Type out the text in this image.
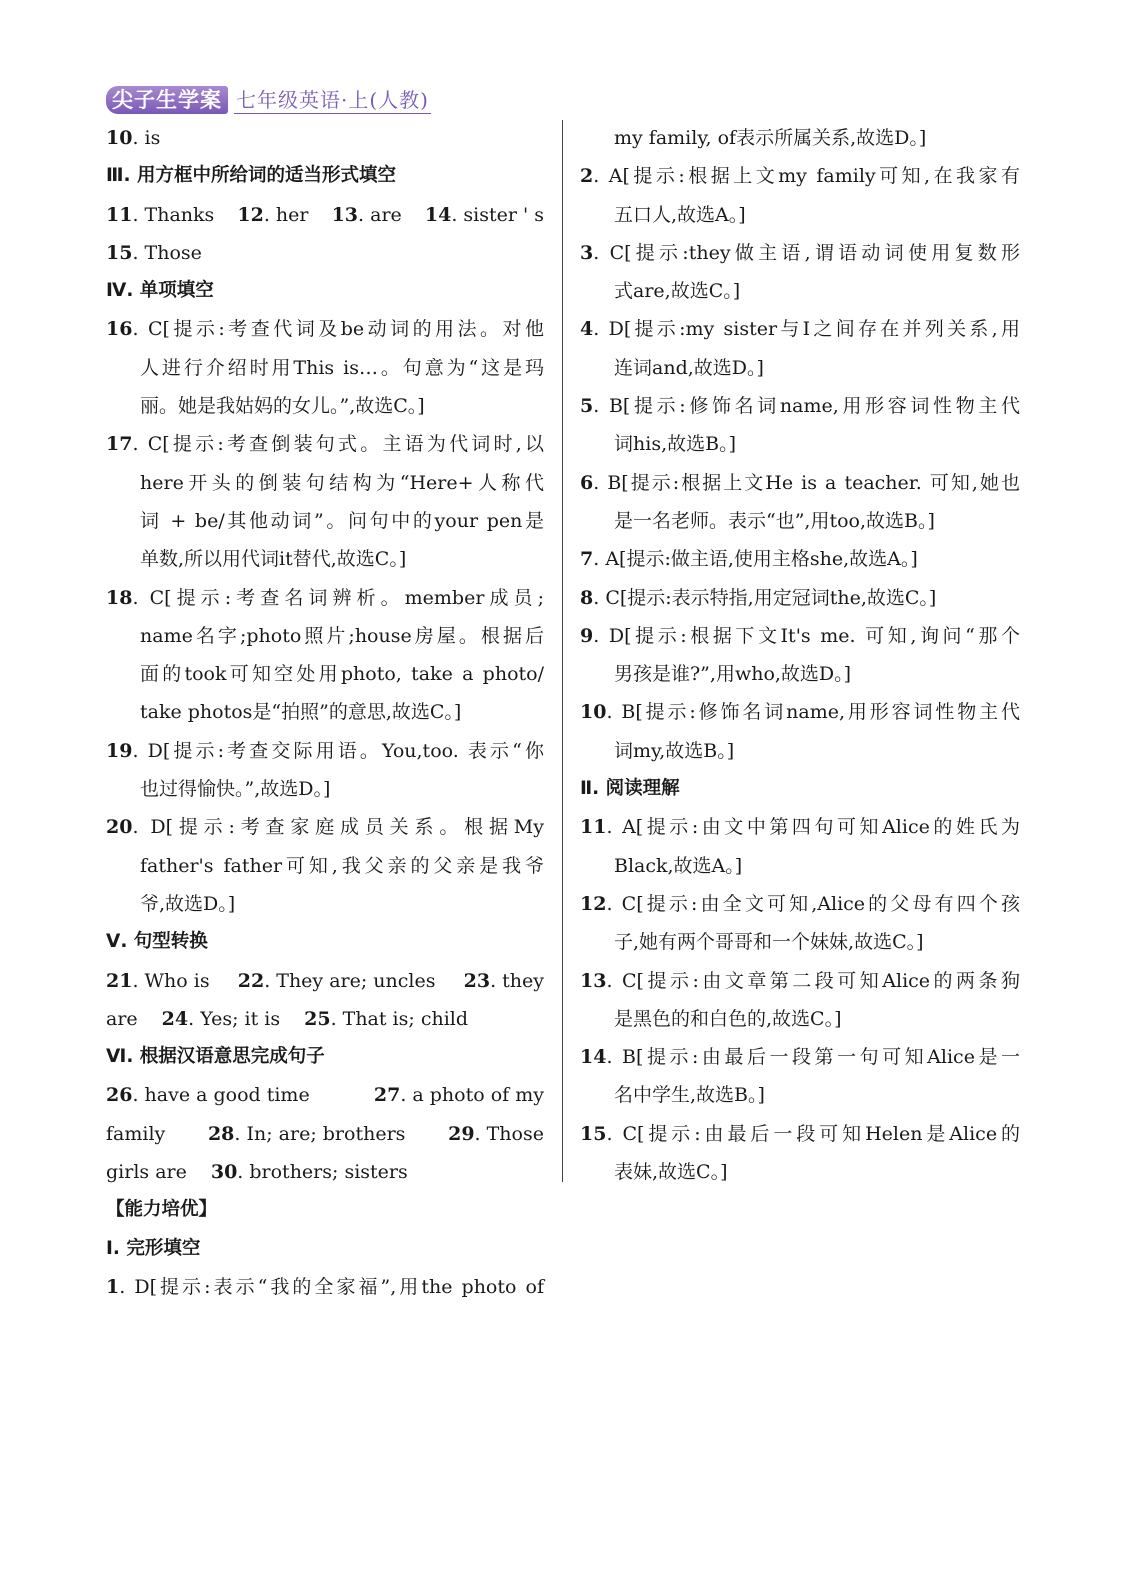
尖子生学案 七年级英语·上(人教)
10. is
Ⅲ. 用方框中所给词的适当形式填空
11. Thanks 12. her 13. are 14. sister ' s
15. Those
Ⅳ. 单项填空
16. C[提示:考查代词及be动词的用法。对他
人进行介绍时用This is…。句意为“这是玛
丽。她是我姑妈的女儿。”,故选C。]
17. C[提示:考查倒装句式。主语为代词时,以
here开头的倒装句结构为“Here+人称代
词 + be/其他动词”。问句中的your pen是
单数,所以用代词it替代,故选C。]
18. C[提示:考查名词辨析。member成员;
name名字;photo照片;house房屋。根据后
面的took可知空处用photo, take a photo/
take photos是“拍照”的意思,故选C。]
19. D[提示:考查交际用语。You,too. 表示“你
也过得愉快。”,故选D。]
20. D[提示:考查家庭成员关系。根据My
father's father可知,我父亲的父亲是我爷
爷,故选D。]
Ⅴ. 句型转换
21. Who is 22. They are; uncles 23. they
are 24. Yes; it is 25. That is; child
Ⅵ. 根据汉语意思完成句子
26. have a good time	27. a photo of my
family 28. In; are; brothers 29. Those
girls are 30. brothers; sisters
【能力培优】
Ⅰ. 完形填空
1. D[提示:表示“我的全家福”,用the photo of
my family, of表示所属关系,故选D。]
2. A[提示:根据上文my family可知,在我家有
五口人,故选A。]
3. C[提示:they做主语,谓语动词使用复数形
式are,故选C。]
4. D[提示:my sister与I之间存在并列关系,用
连词and,故选D。]
5. B[提示:修饰名词name,用形容词性物主代
词his,故选B。]
6. B[提示:根据上文He is a teacher. 可知,她也
是一名老师。表示“也”,用too,故选B。]
7. A[提示:做主语,使用主格she,故选A。]
8. C[提示:表示特指,用定冠词the,故选C。]
9. D[提示:根据下文It's me. 可知,询问“那个
男孩是谁?”,用who,故选D。]
10. B[提示:修饰名词name,用形容词性物主代
词my,故选B。]
Ⅱ. 阅读理解
11. A[提示:由文中第四句可知Alice的姓氏为
Black,故选A。]
12. C[提示:由全文可知,Alice的父母有四个孩
子,她有两个哥哥和一个妹妹,故选C。]
13. C[提示:由文章第二段可知Alice的两条狗
是黑色的和白色的,故选C。]
14. B[提示:由最后一段第一句可知Alice是一
名中学生,故选B。]
15. C[提示:由最后一段可知Helen是Alice的
表妹,故选C。]
